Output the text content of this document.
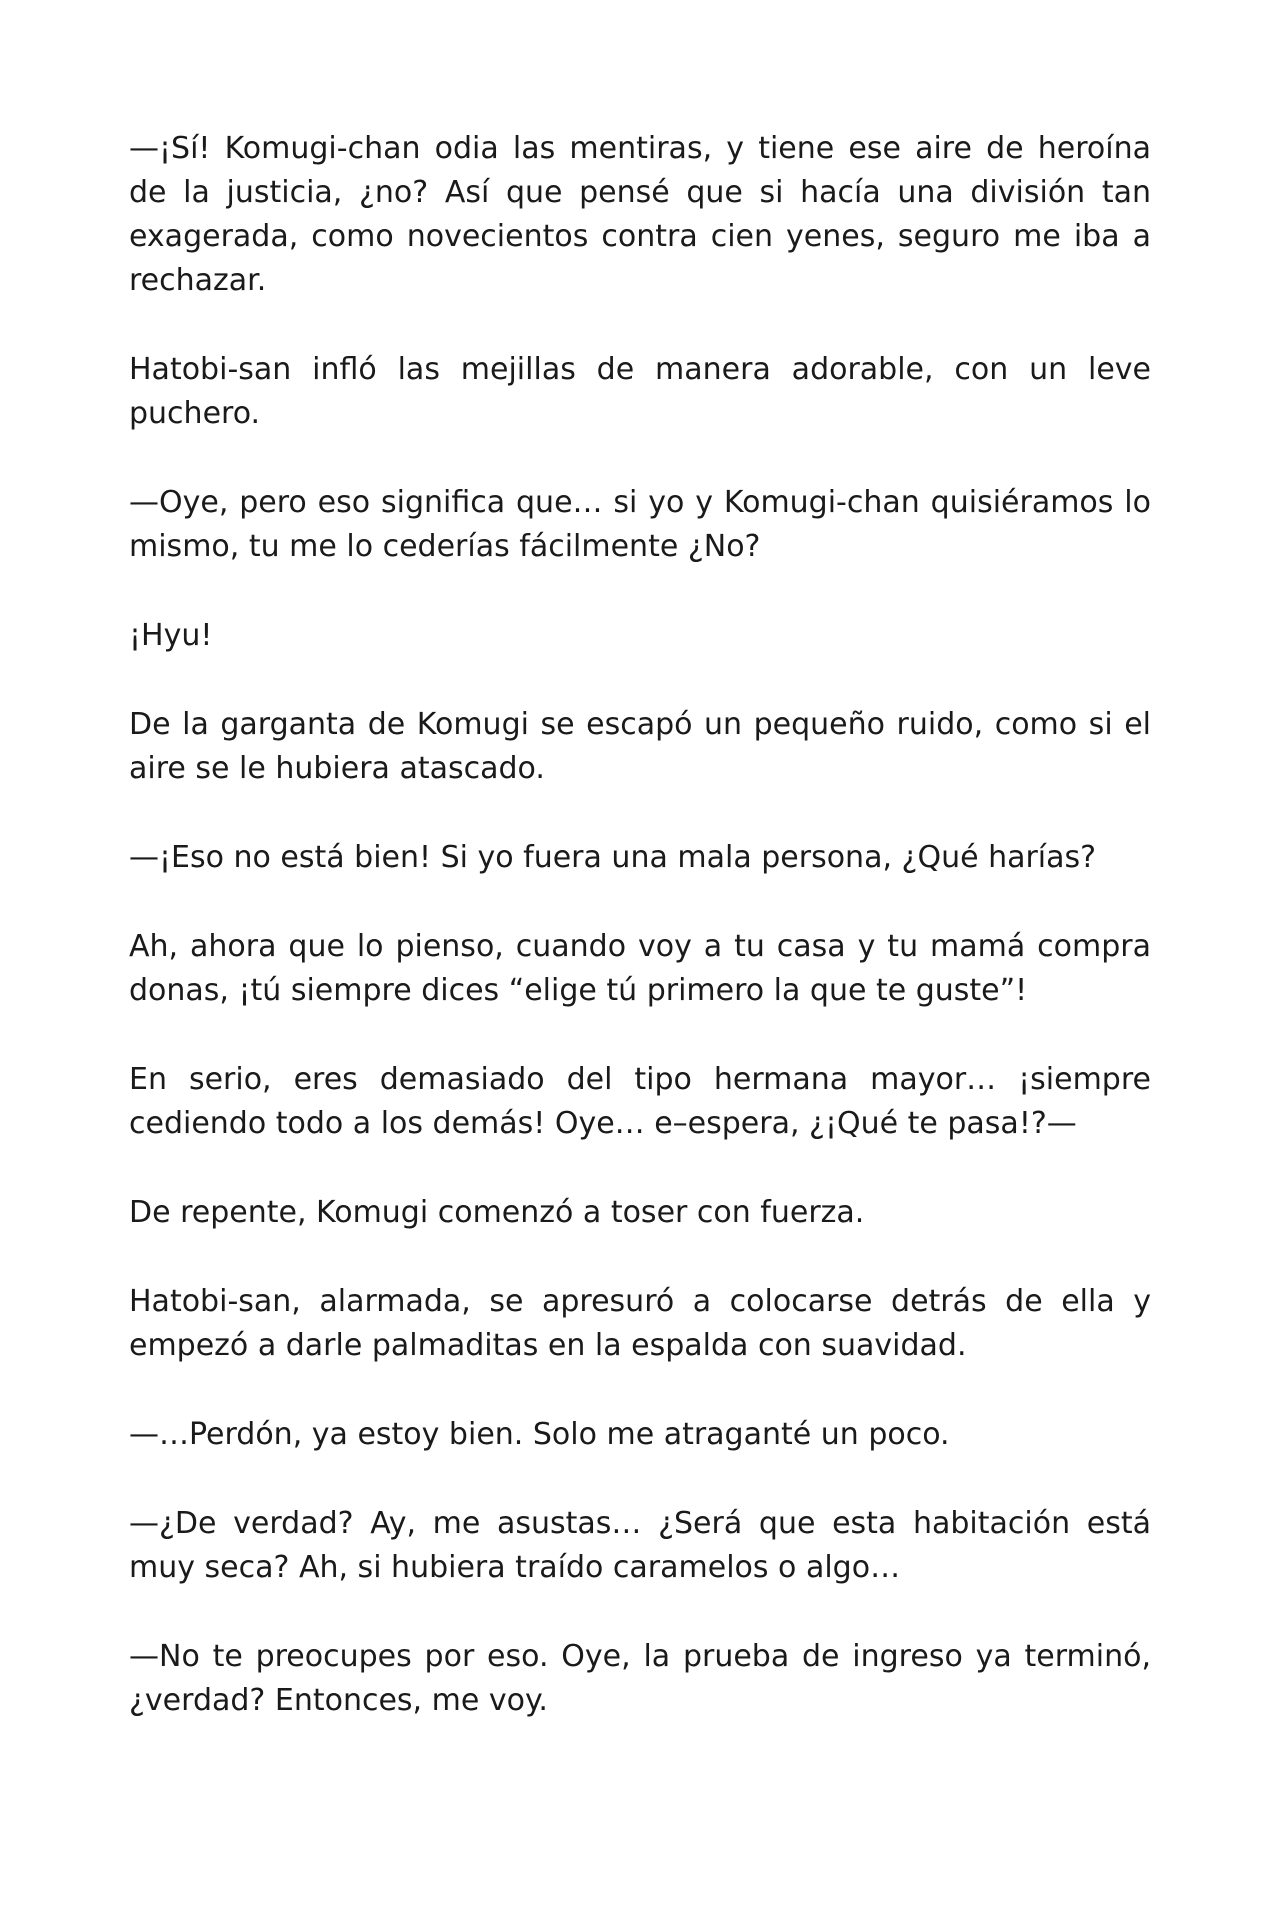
—¡Sí! Komugi-chan odia las mentiras, y tiene ese aire de heroína de la justicia, ¿no? Así que pensé que si hacía una división tan exagerada, como novecientos contra cien yenes, seguro me iba a rechazar.

Hatobi-san infló las mejillas de manera adorable, con un leve puchero.

—Oye, pero eso significa que… si yo y Komugi-chan quisiéramos lo mismo, tu me lo cederías fácilmente ¿No?

¡Hyu!

De la garganta de Komugi se escapó un pequeño ruido, como si el aire se le hubiera atascado.

—¡Eso no está bien! Si yo fuera una mala persona, ¿Qué harías?

Ah, ahora que lo pienso, cuando voy a tu casa y tu mamá compra donas, ¡tú siempre dices “elige tú primero la que te guste”!

En serio, eres demasiado del tipo hermana mayor… ¡siempre cediendo todo a los demás! Oye… e–espera, ¿¡Qué te pasa!?—

De repente, Komugi comenzó a toser con fuerza.

Hatobi-san, alarmada, se apresuró a colocarse detrás de ella y empezó a darle palmaditas en la espalda con suavidad.

—…Perdón, ya estoy bien. Solo me atraganté un poco.

—¿De verdad? Ay, me asustas… ¿Será que esta habitación está muy seca? Ah, si hubiera traído caramelos o algo…

—No te preocupes por eso. Oye, la prueba de ingreso ya terminó, ¿verdad? Entonces, me voy.
